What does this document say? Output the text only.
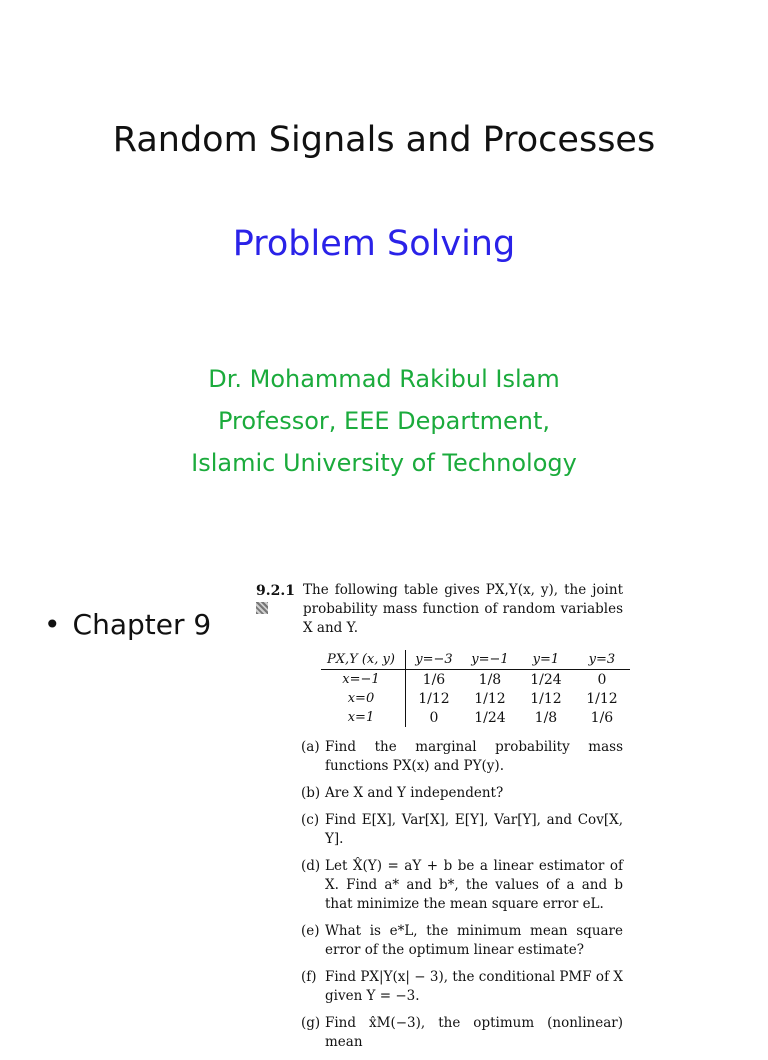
Random Signals and Processes
Problem Solving
Dr. Mohammad Rakibul Islam
Professor, EEE Department,
Islamic University of Technology
• Chapter 9
9.2.1 The following table gives PX,Y(x, y), the joint probability mass function of random variables X and Y.
PX,Y (x, y)	y=−3	y=−1	y=1	y=3
x=−1	1/6	1/8	1/24	0
x=0	1/12	1/12	1/12	1/12
x=1	0	1/24	1/8	1/6
(a) Find the marginal probability mass functions PX(x) and PY(y).
(b) Are X and Y independent?
(c) Find E[X], Var[X], E[Y], Var[Y], and Cov[X, Y].
(d) Let X̂(Y) = aY + b be a linear estimator of X. Find a* and b*, the values of a and b that minimize the mean square error eL.
(e) What is e*L, the minimum mean square error of the optimum linear estimate?
(f) Find PX|Y(x| − 3), the conditional PMF of X given Y = −3.
(g) Find x̂M(−3), the optimum (nonlinear) mean
